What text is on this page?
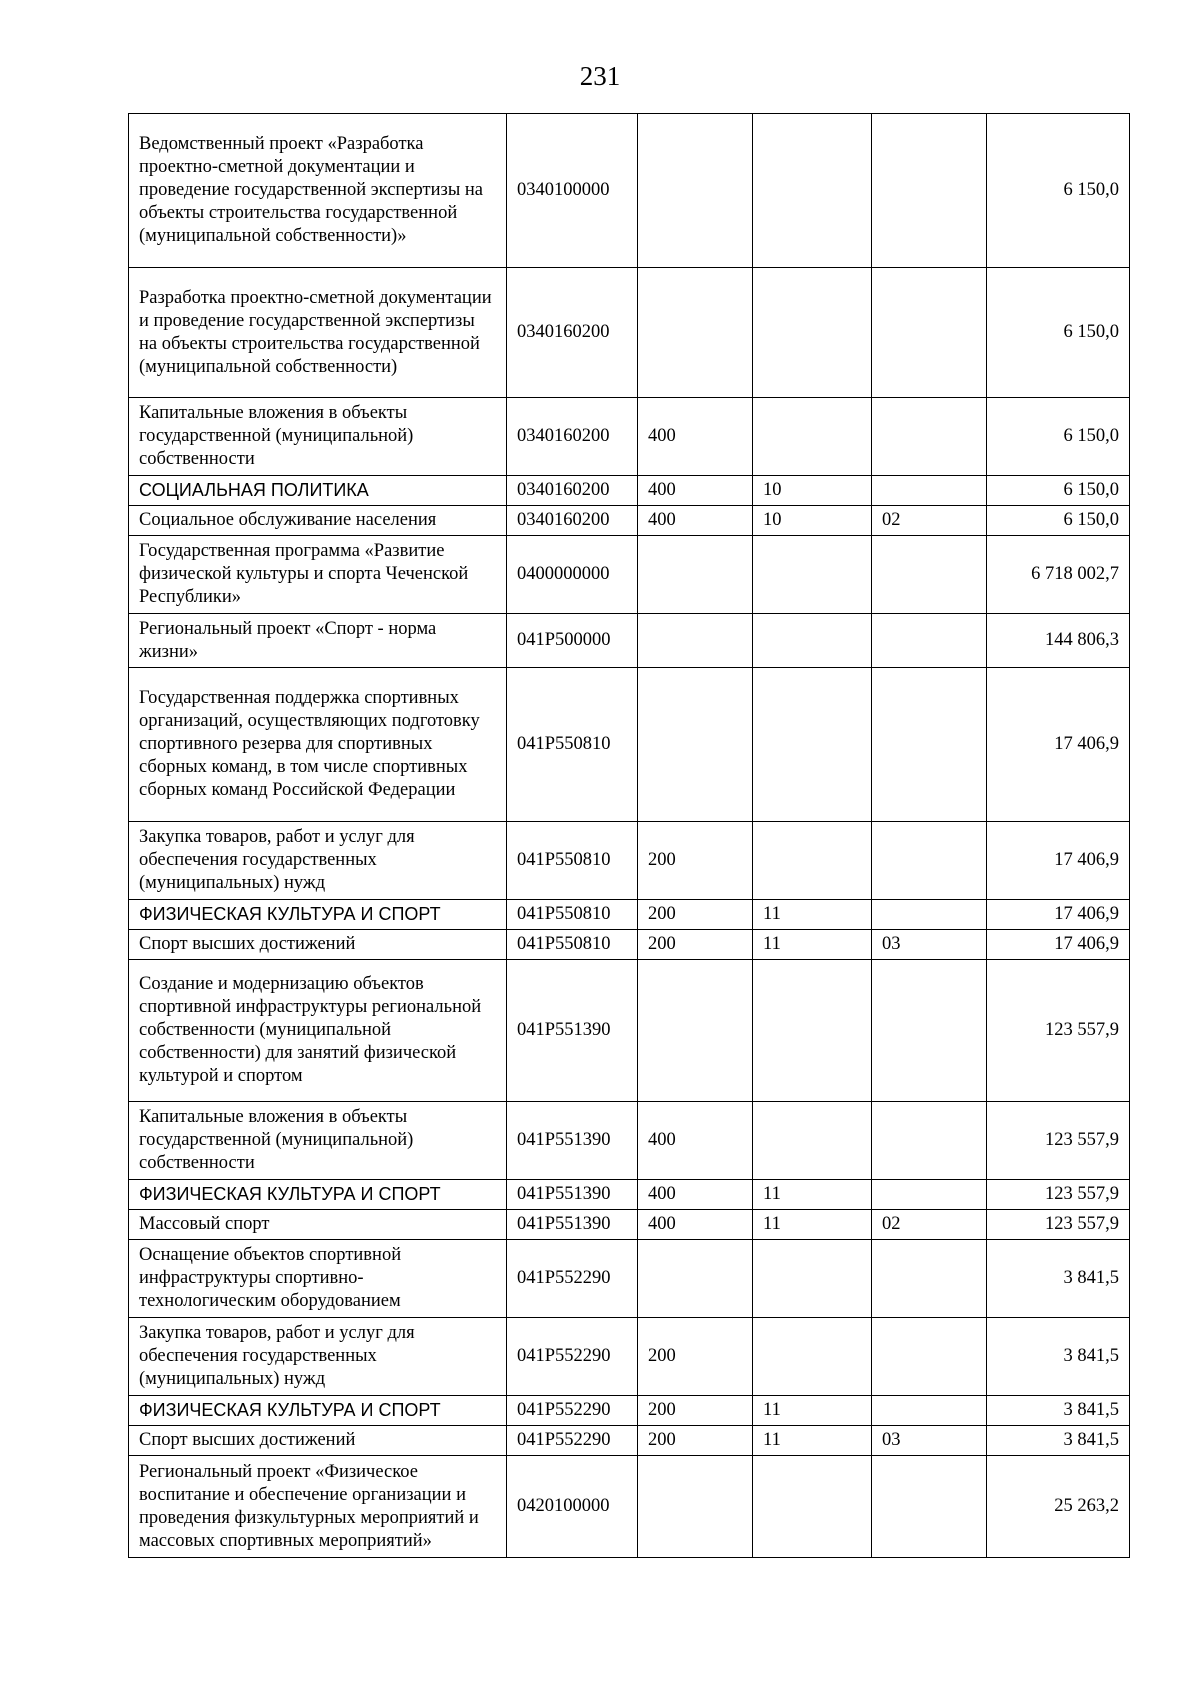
231
Ведомственный проект «Разработка проектно-сметной документации и проведение государственной экспертизы на объекты строительства государственной (муниципальной собственности)»	0340100000				6 150,0
Разработка проектно-сметной документации и проведение государственной экспертизы на объекты строительства государственной (муниципальной собственности)	0340160200				6 150,0
Капитальные вложения в объекты государственной (муниципальной) собственности	0340160200	400			6 150,0
СОЦИАЛЬНАЯ ПОЛИТИКА	0340160200	400	10		6 150,0
Социальное обслуживание населения	0340160200	400	10	02	6 150,0
Государственная программа «Развитие физической культуры и спорта Чеченской Республики»	0400000000				6 718 002,7
Региональный проект «Спорт - норма жизни»	041P500000				144 806,3
Государственная поддержка спортивных организаций, осуществляющих подготовку спортивного резерва для спортивных сборных команд, в том числе спортивных сборных команд Российской Федерации	041P550810				17 406,9
Закупка товаров, работ и услуг для обеспечения государственных (муниципальных) нужд	041P550810	200			17 406,9
ФИЗИЧЕСКАЯ КУЛЬТУРА И СПОРТ	041P550810	200	11		17 406,9
Спорт высших достижений	041P550810	200	11	03	17 406,9
Создание и модернизацию объектов спортивной инфраструктуры региональной собственности (муниципальной собственности) для занятий физической культурой и спортом	041P551390				123 557,9
Капитальные вложения в объекты государственной (муниципальной) собственности	041P551390	400			123 557,9
ФИЗИЧЕСКАЯ КУЛЬТУРА И СПОРТ	041P551390	400	11		123 557,9
Массовый спорт	041P551390	400	11	02	123 557,9
Оснащение объектов спортивной инфраструктуры спортивно-технологическим оборудованием	041P552290				3 841,5
Закупка товаров, работ и услуг для обеспечения государственных (муниципальных) нужд	041P552290	200			3 841,5
ФИЗИЧЕСКАЯ КУЛЬТУРА И СПОРТ	041P552290	200	11		3 841,5
Спорт высших достижений	041P552290	200	11	03	3 841,5
Региональный проект «Физическое воспитание и обеспечение организации и проведения физкультурных мероприятий и массовых спортивных мероприятий»	0420100000				25 263,2
